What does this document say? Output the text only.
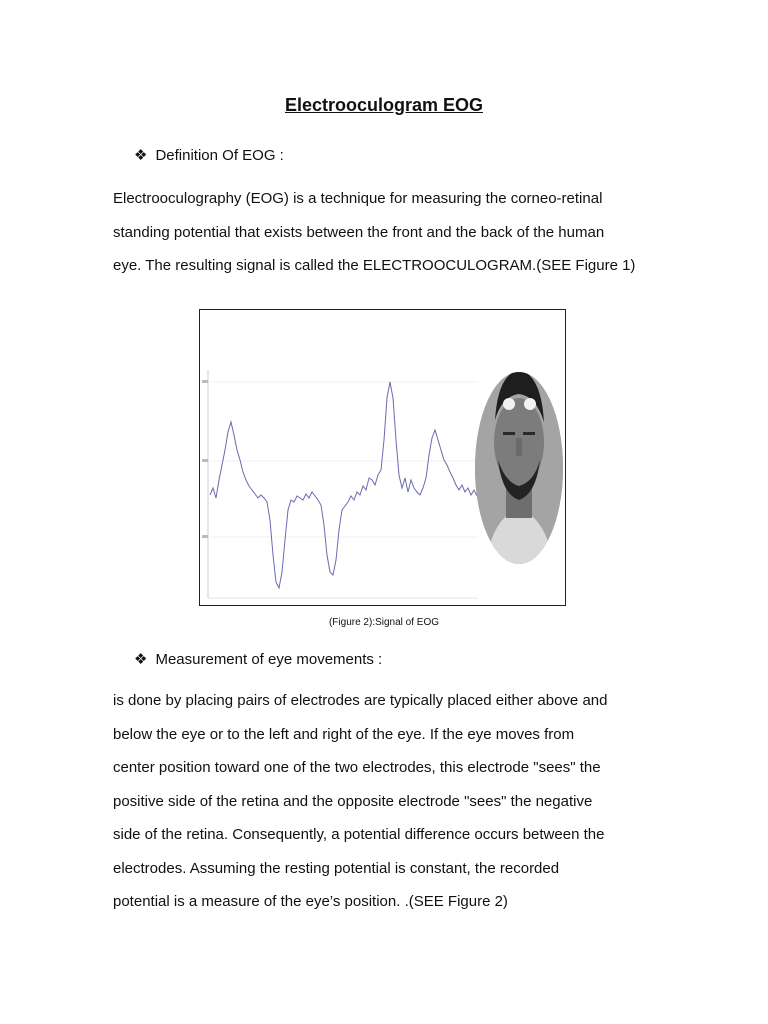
Electrooculogram EOG
❖ Definition Of EOG :
Electrooculography (EOG) is a technique for measuring the corneo-retinal
standing potential that exists between the front and the back of the human
eye. The resulting signal is called the ELECTROOCULOGRAM.(SEE Figure 1)
(Figure 2):Signal of EOG
❖ Measurement of eye movements :
is done by placing pairs of electrodes are typically placed either above and
below the eye or to the left and right of the eye. If the eye moves from
center position toward one of the two electrodes, this electrode "sees" the
positive side of the retina and the opposite electrode "sees" the negative
side of the retina. Consequently, a potential difference occurs between the
electrodes. Assuming the resting potential is constant, the recorded
potential is a measure of the eye’s position. .(SEE Figure 2)
